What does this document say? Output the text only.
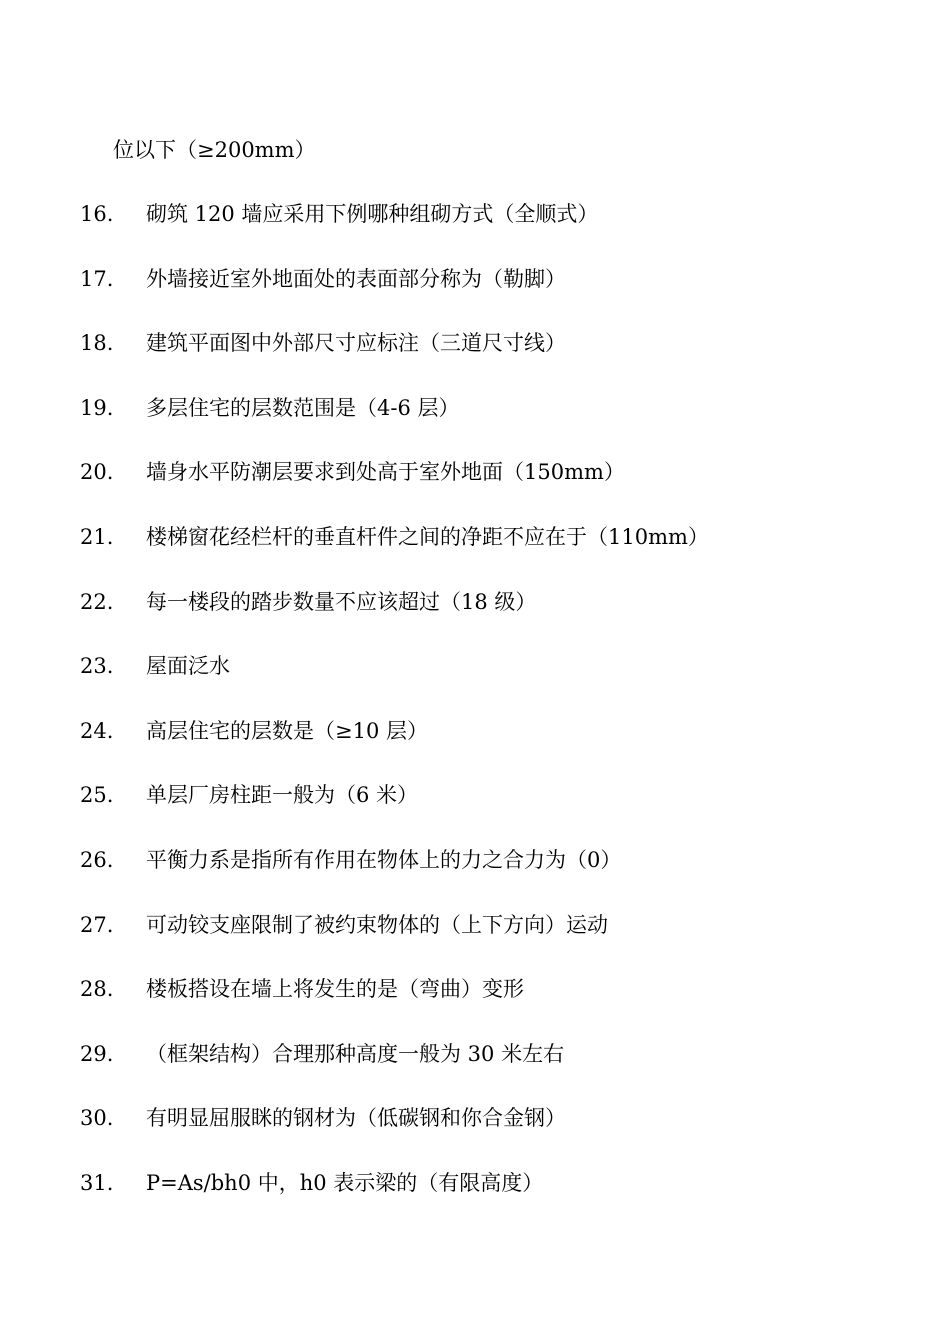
位以下（≥200mm）
16. 砌筑 120 墙应采用下例哪种组砌方式（全顺式）
17. 外墙接近室外地面处的表面部分称为（勒脚）
18. 建筑平面图中外部尺寸应标注（三道尺寸线）
19. 多层住宅的层数范围是（4-6 层）
20. 墙身水平防潮层要求到处高于室外地面（150mm）
21. 楼梯窗花经栏杆的垂直杆件之间的净距不应在于（110mm）
22. 每一楼段的踏步数量不应该超过（18 级）
23. 屋面泛水
24. 高层住宅的层数是（≥10 层）
25. 单层厂房柱距一般为（6 米）
26. 平衡力系是指所有作用在物体上的力之合力为（0）
27. 可动铰支座限制了被约束物体的（上下方向）运动
28. 楼板搭设在墙上将发生的是（弯曲）变形
29. （框架结构）合理那种高度一般为 30 米左右
30. 有明显屈服眯的钢材为（低碳钢和你合金钢）
31. P=As/bh0 中，h0 表示梁的（有限高度）
